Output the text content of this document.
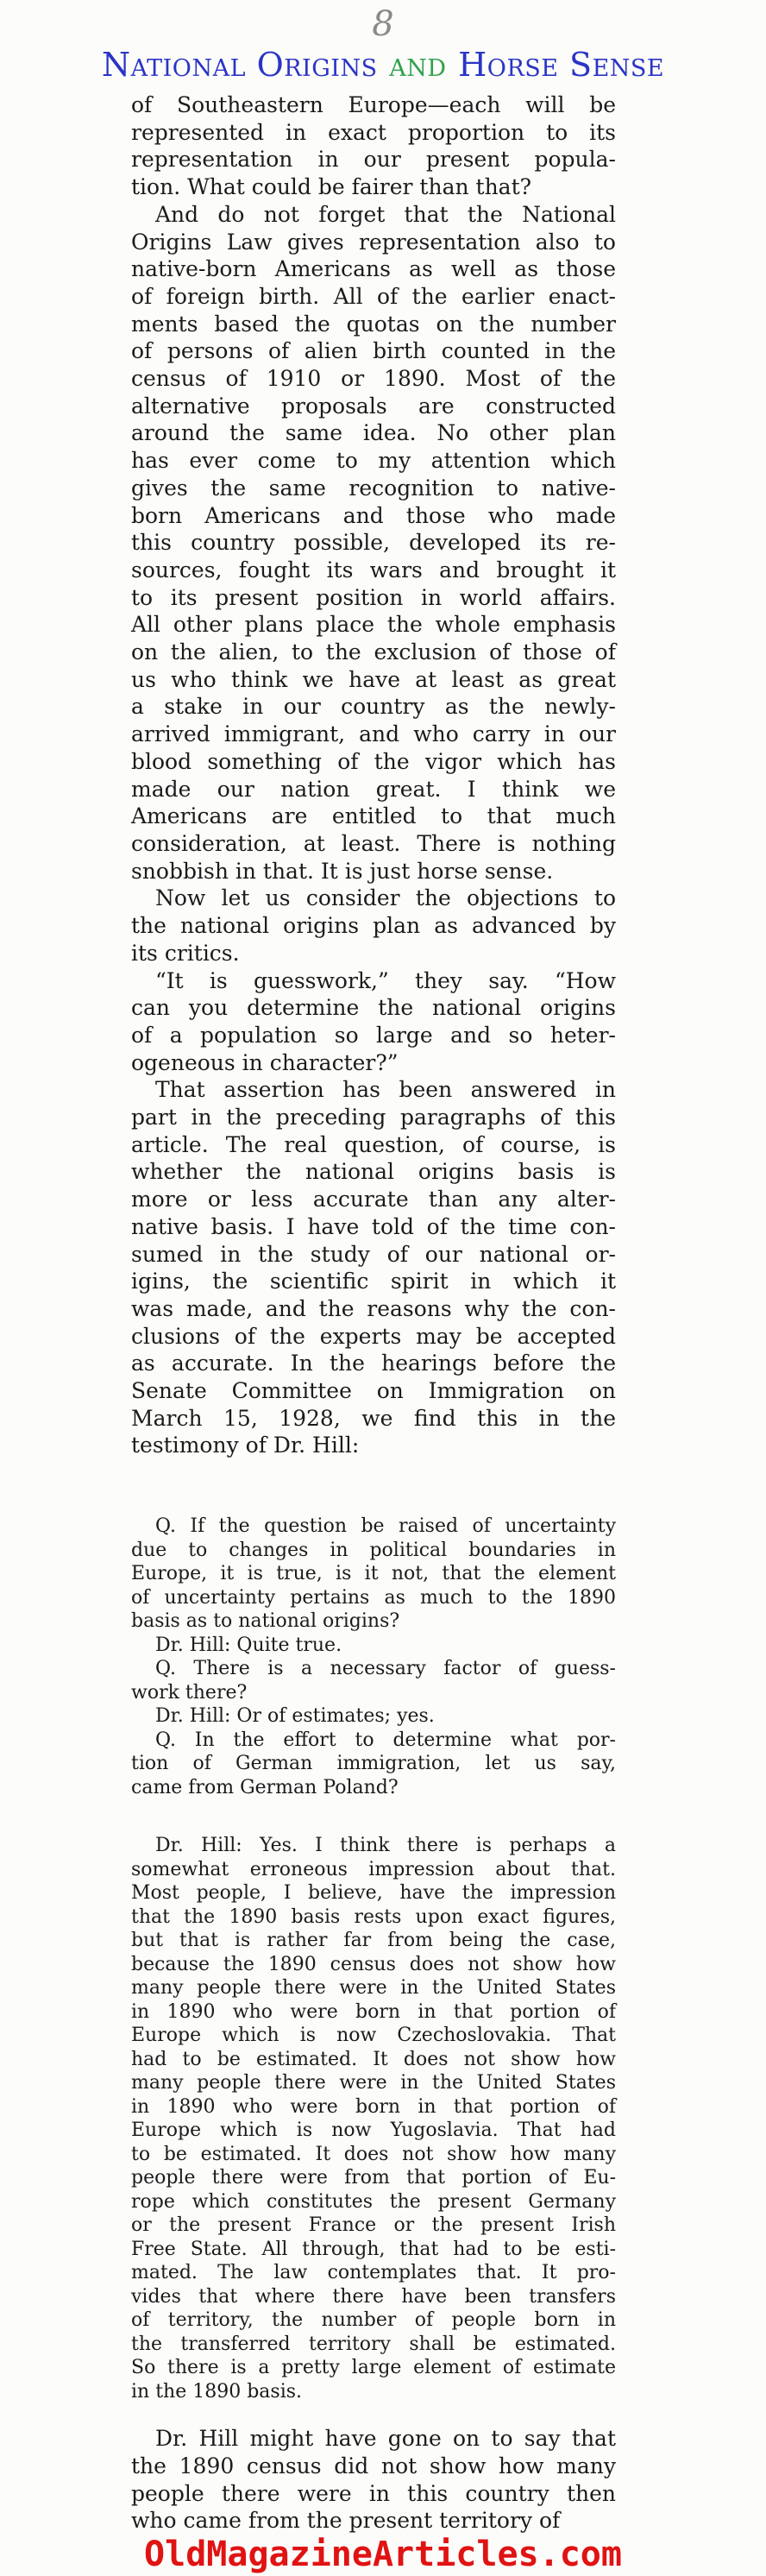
8
National Origins and Horse Sense
of Southeastern Europe—each will be
represented in exact proportion to its
representation in our present popula-
tion. What could be fairer than that?
And do not forget that the National
Origins Law gives representation also to
native-born Americans as well as those
of foreign birth. All of the earlier enact-
ments based the quotas on the number
of persons of alien birth counted in the
census of 1910 or 1890. Most of the
alternative proposals are constructed
around the same idea. No other plan
has ever come to my attention which
gives the same recognition to native-
born Americans and those who made
this country possible, developed its re-
sources, fought its wars and brought it
to its present position in world affairs.
All other plans place the whole emphasis
on the alien, to the exclusion of those of
us who think we have at least as great
a stake in our country as the newly-
arrived immigrant, and who carry in our
blood something of the vigor which has
made our nation great. I think we
Americans are entitled to that much
consideration, at least. There is nothing
snobbish in that. It is just horse sense.
Now let us consider the objections to
the national origins plan as advanced by
its critics.
“It is guesswork,” they say. “How
can you determine the national origins
of a population so large and so heter-
ogeneous in character?”
That assertion has been answered in
part in the preceding paragraphs of this
article. The real question, of course, is
whether the national origins basis is
more or less accurate than any alter-
native basis. I have told of the time con-
sumed in the study of our national or-
igins, the scientific spirit in which it
was made, and the reasons why the con-
clusions of the experts may be accepted
as accurate. In the hearings before the
Senate Committee on Immigration on
March 15, 1928, we find this in the
testimony of Dr. Hill:
Q. If the question be raised of uncertainty
due to changes in political boundaries in
Europe, it is true, is it not, that the element
of uncertainty pertains as much to the 1890
basis as to national origins?
Dr. Hill: Quite true.
Q. There is a necessary factor of guess-
work there?
Dr. Hill: Or of estimates; yes.
Q. In the effort to determine what por-
tion of German immigration, let us say,
came from German Poland?
Dr. Hill: Yes. I think there is perhaps a
somewhat erroneous impression about that.
Most people, I believe, have the impression
that the 1890 basis rests upon exact figures,
but that is rather far from being the case,
because the 1890 census does not show how
many people there were in the United States
in 1890 who were born in that portion of
Europe which is now Czechoslovakia. That
had to be estimated. It does not show how
many people there were in the United States
in 1890 who were born in that portion of
Europe which is now Yugoslavia. That had
to be estimated. It does not show how many
people there were from that portion of Eu-
rope which constitutes the present Germany
or the present France or the present Irish
Free State. All through, that had to be esti-
mated. The law contemplates that. It pro-
vides that where there have been transfers
of territory, the number of people born in
the transferred territory shall be estimated.
So there is a pretty large element of estimate
in the 1890 basis.
Dr. Hill might have gone on to say that
the 1890 census did not show how many
people there were in this country then
who came from the present territory of
OldMagazineArticles.com
